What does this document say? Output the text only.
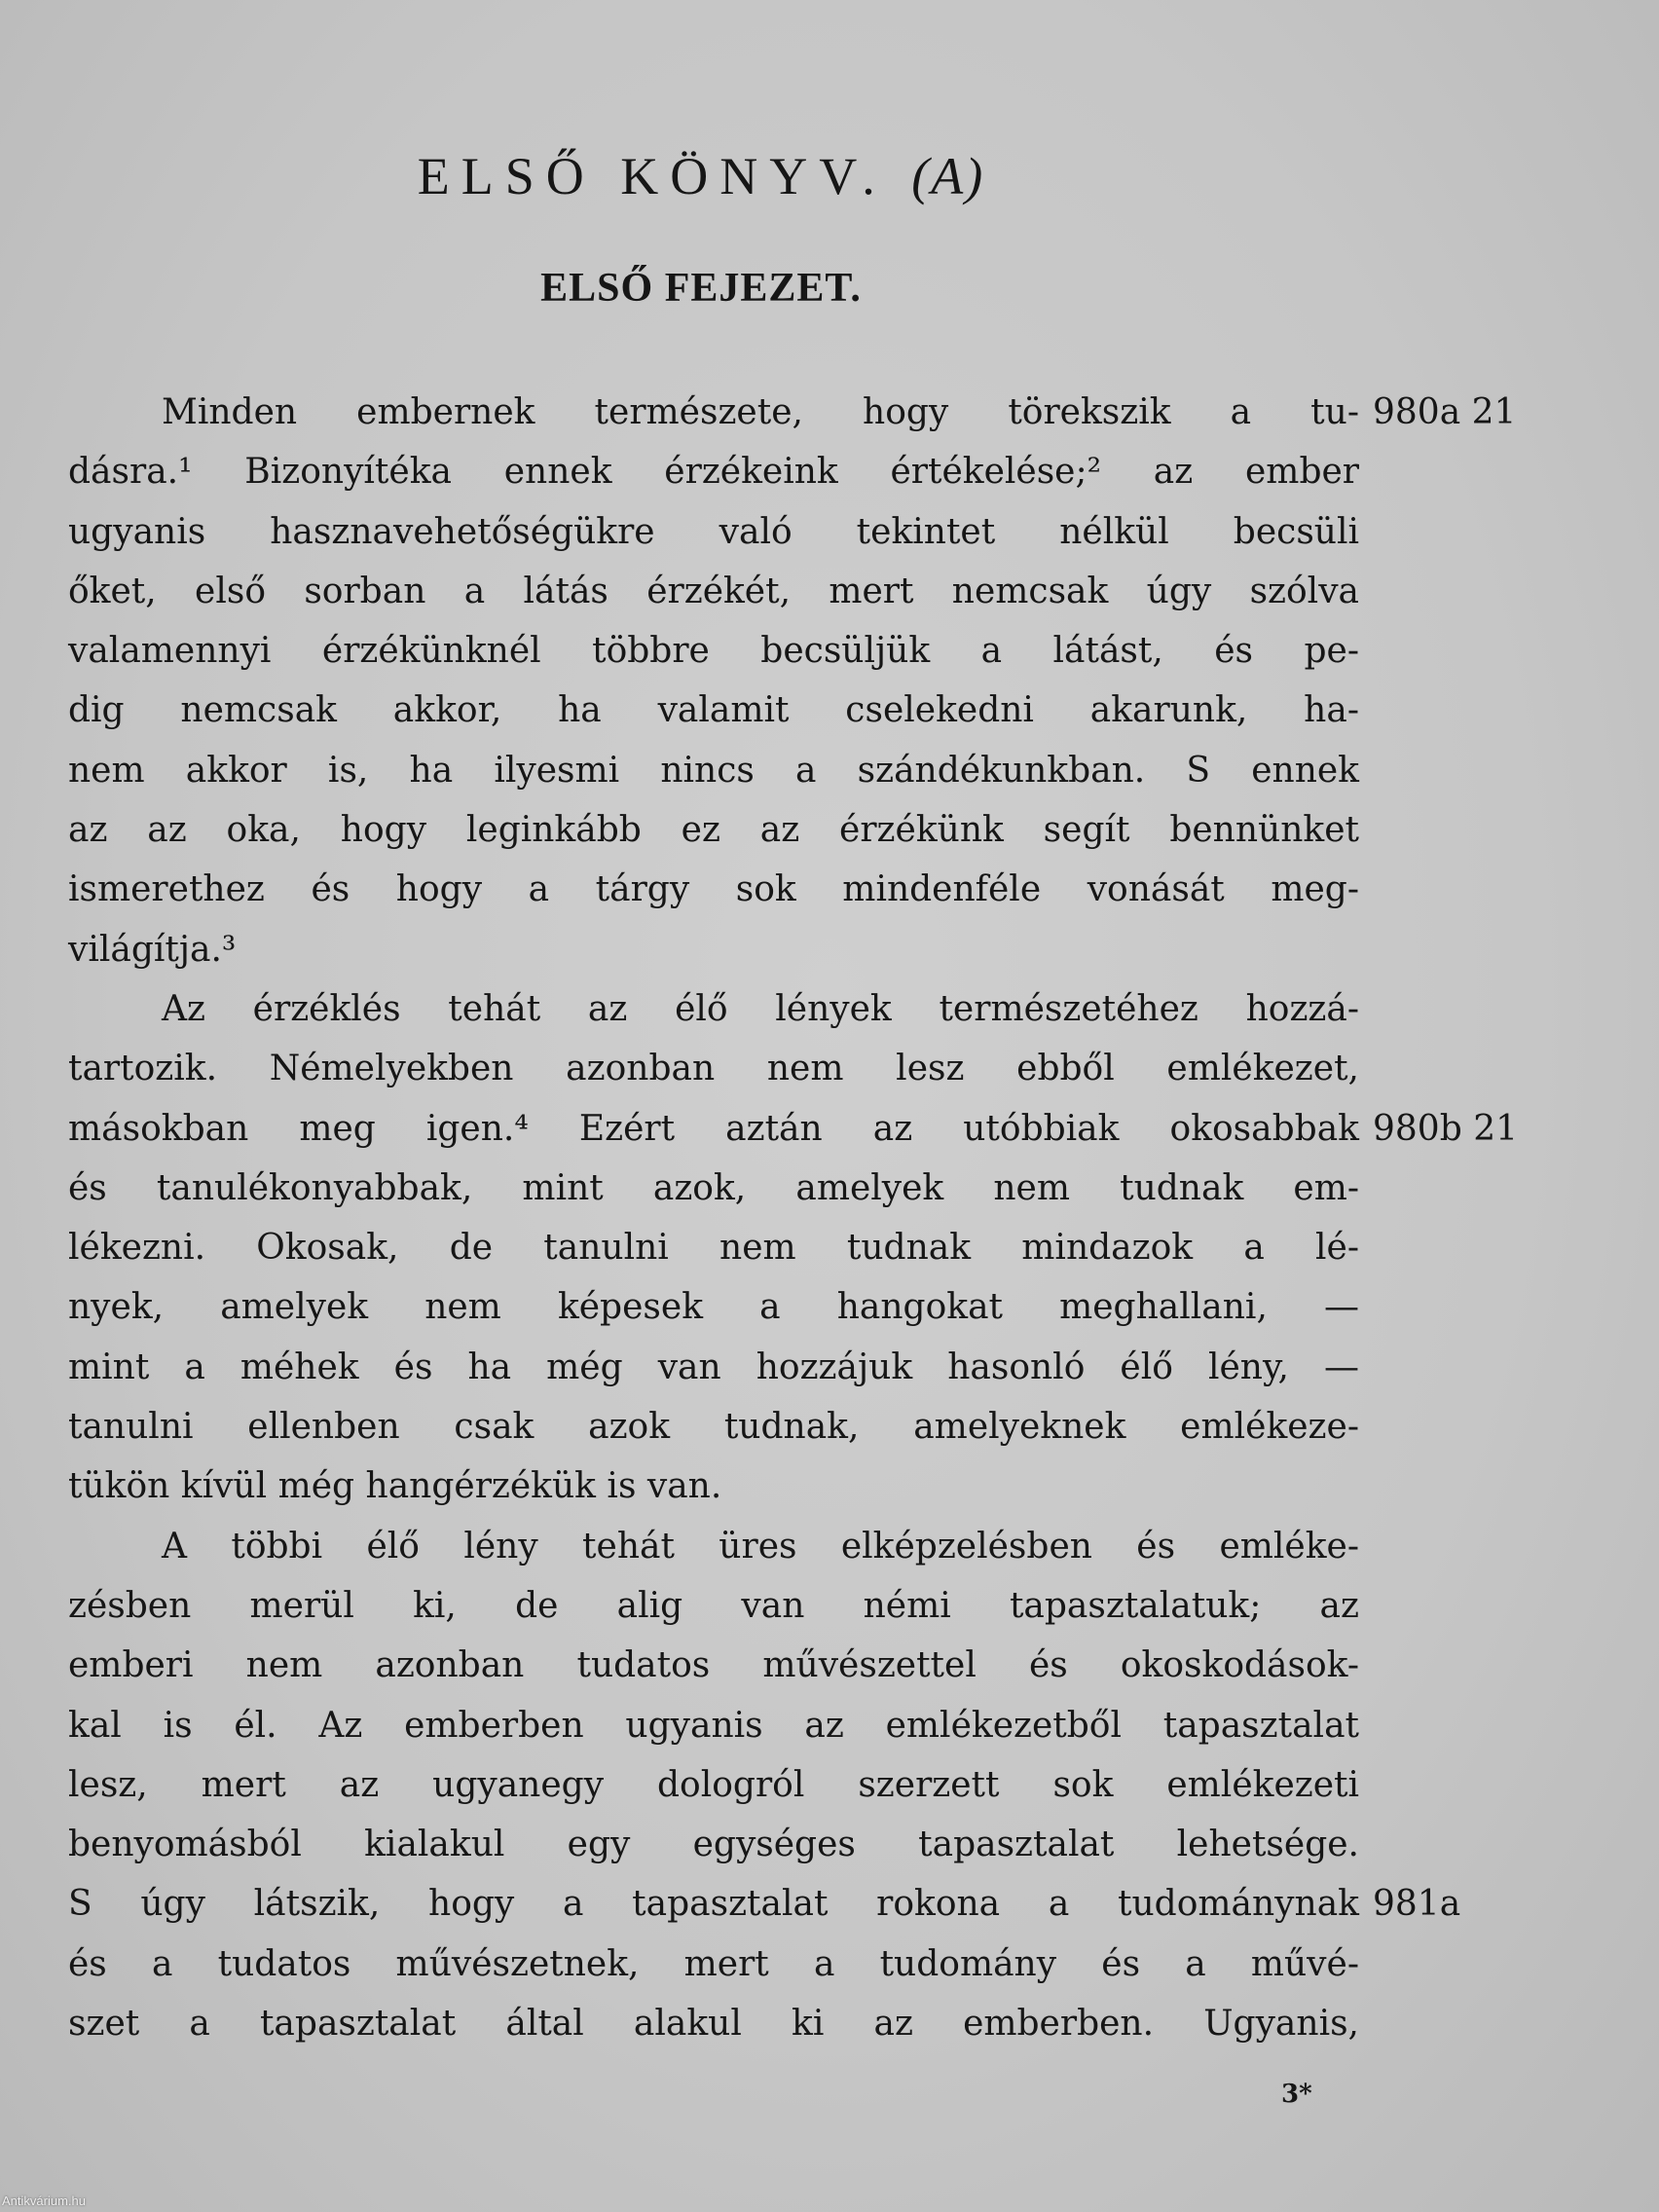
ELSŐ KÖNYV. (A)
ELSŐ FEJEZET.
Minden embernek természete, hogy törekszik a tu- 980a 21
dásra.¹ Bizonyítéka ennek érzékeink értékelése;² az ember
ugyanis hasznavehetőségükre való tekintet nélkül becsüli
őket, első sorban a látás érzékét, mert nemcsak úgy szólva
valamennyi érzékünknél többre becsüljük a látást, és pe-
dig nemcsak akkor, ha valamit cselekedni akarunk, ha-
nem akkor is, ha ilyesmi nincs a szándékunkban. S ennek
az az oka, hogy leginkább ez az érzékünk segít bennünket
ismerethez és hogy a tárgy sok mindenféle vonását meg-
világítja.³
Az érzéklés tehát az élő lények természetéhez hozzá-
tartozik. Némelyekben azonban nem lesz ebből emlékezet,
másokban meg igen.⁴ Ezért aztán az utóbbiak okosabbak 980b 21
és tanulékonyabbak, mint azok, amelyek nem tudnak em-
lékezni. Okosak, de tanulni nem tudnak mindazok a lé-
nyek, amelyek nem képesek a hangokat meghallani, —
mint a méhek és ha még van hozzájuk hasonló élő lény, —
tanulni ellenben csak azok tudnak, amelyeknek emlékeze-
tükön kívül még hangérzékük is van.
A többi élő lény tehát üres elképzelésben és emléke-
zésben merül ki, de alig van némi tapasztalatuk; az
emberi nem azonban tudatos művészettel és okoskodások-
kal is él. Az emberben ugyanis az emlékezetből tapasztalat
lesz, mert az ugyanegy dologról szerzett sok emlékezeti
benyomásból kialakul egy egységes tapasztalat lehetsége.
S úgy látszik, hogy a tapasztalat rokona a tudománynak 981a
és a tudatos művészetnek, mert a tudomány és a művé-
szet a tapasztalat által alakul ki az emberben. Ugyanis,
3*
Antikvárium.hu
